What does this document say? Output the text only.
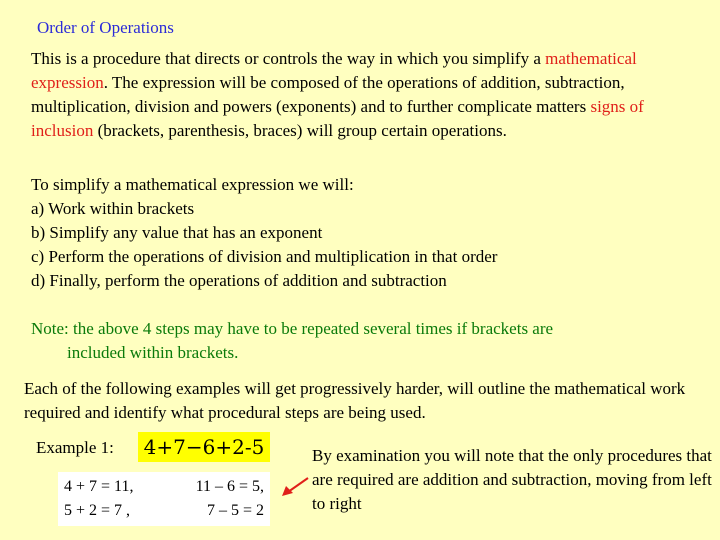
Order of Operations
This is a procedure that directs or controls the way in which you simplify a mathematical expression. The expression will be composed of the operations of addition, subtraction, multiplication, division and powers (exponents) and to further complicate matters signs of inclusion (brackets, parenthesis, braces) will group certain operations.
To simplify a mathematical expression we will:
a) Work within brackets
b) Simplify any value that has an exponent
c) Perform the operations of division and multiplication in that order
d) Finally, perform the operations of addition and subtraction
Note: the above 4 steps may have to be repeated several times if brackets are
included within brackets.
Each of the following examples will get progressively harder, will outline the mathematical work required and identify what procedural steps are being used.
Example 1: 4+7−6+2-5
4 + 7 = 11,	11 – 6 = 5,
5 + 2 = 7 ,	7 – 5 = 2
By examination you will note that the only procedures that are required are addition and subtraction, moving from left to right
